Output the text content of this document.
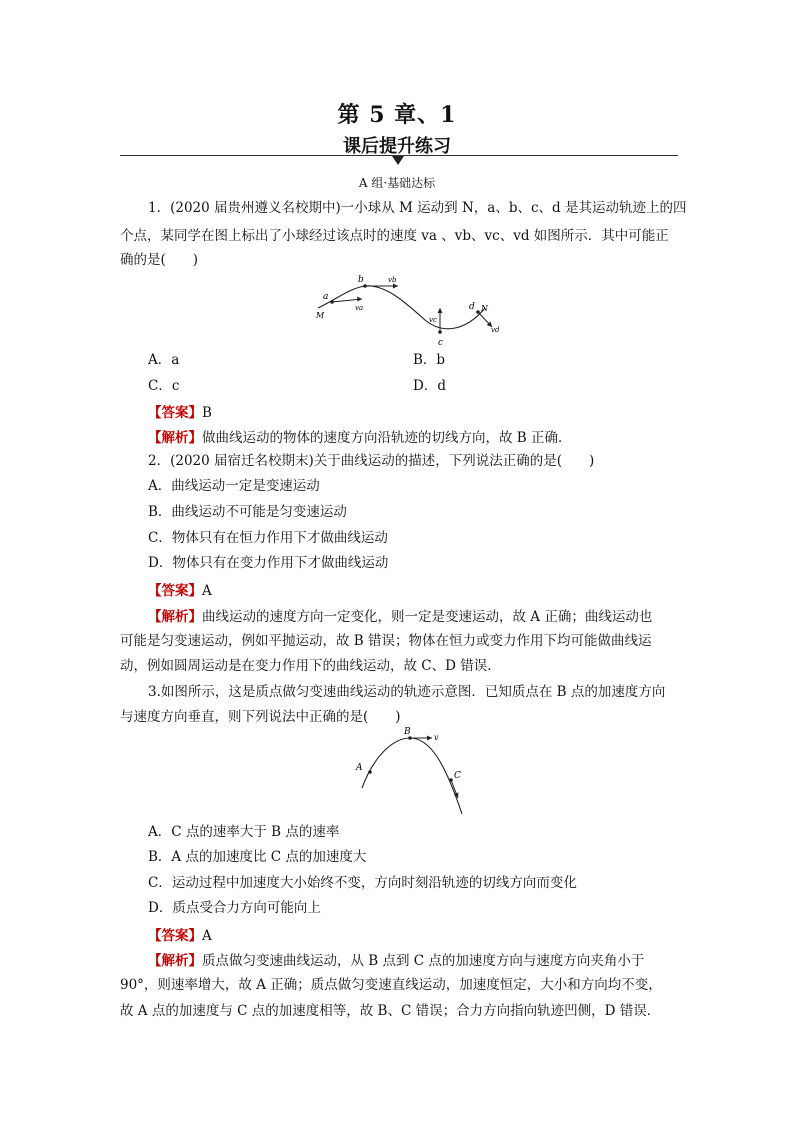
第 5 章、1
课后提升练习
A 组·基础达标
1．(2020 届贵州遵义名校期中)一小球从 M 运动到 N，a、b、c、d 是其运动轨迹上的四
个点，某同学在图上标出了小球经过该点时的速度 va 、vb、vc、vd 如图所示．其中可能正
确的是(　　)
M
a
b	vb
va
vc
c
d N
vd
A．a	B．b
C．c	D．d
【答案】B
【解析】做曲线运动的物体的速度方向沿轨迹的切线方向，故 B 正确．
2．(2020 届宿迁名校期末)关于曲线运动的描述，下列说法正确的是(　　)
A．曲线运动一定是变速运动
B．曲线运动不可能是匀变速运动
C．物体只有在恒力作用下才做曲线运动
D．物体只有在变力作用下才做曲线运动
【答案】A
【解析】曲线运动的速度方向一定变化，则一定是变速运动，故 A 正确；曲线运动也
可能是匀变速运动，例如平抛运动，故 B 错误；物体在恒力或变力作用下均可能做曲线运
动，例如圆周运动是在变力作用下的曲线运动，故 C、D 错误．
3.如图所示，这是质点做匀变速曲线运动的轨迹示意图．已知质点在 B 点的加速度方向
与速度方向垂直，则下列说法中正确的是(　　)
A
B
v
C
A．C 点的速率大于 B 点的速率
B．A 点的加速度比 C 点的加速度大
C．运动过程中加速度大小始终不变，方向时刻沿轨迹的切线方向而变化
D．质点受合力方向可能向上
【答案】A
【解析】质点做匀变速曲线运动，从 B 点到 C 点的加速度方向与速度方向夹角小于
90°，则速率增大，故 A 正确；质点做匀变速直线运动，加速度恒定，大小和方向均不变，
故 A 点的加速度与 C 点的加速度相等，故 B、C 错误；合力方向指向轨迹凹侧，D 错误．
